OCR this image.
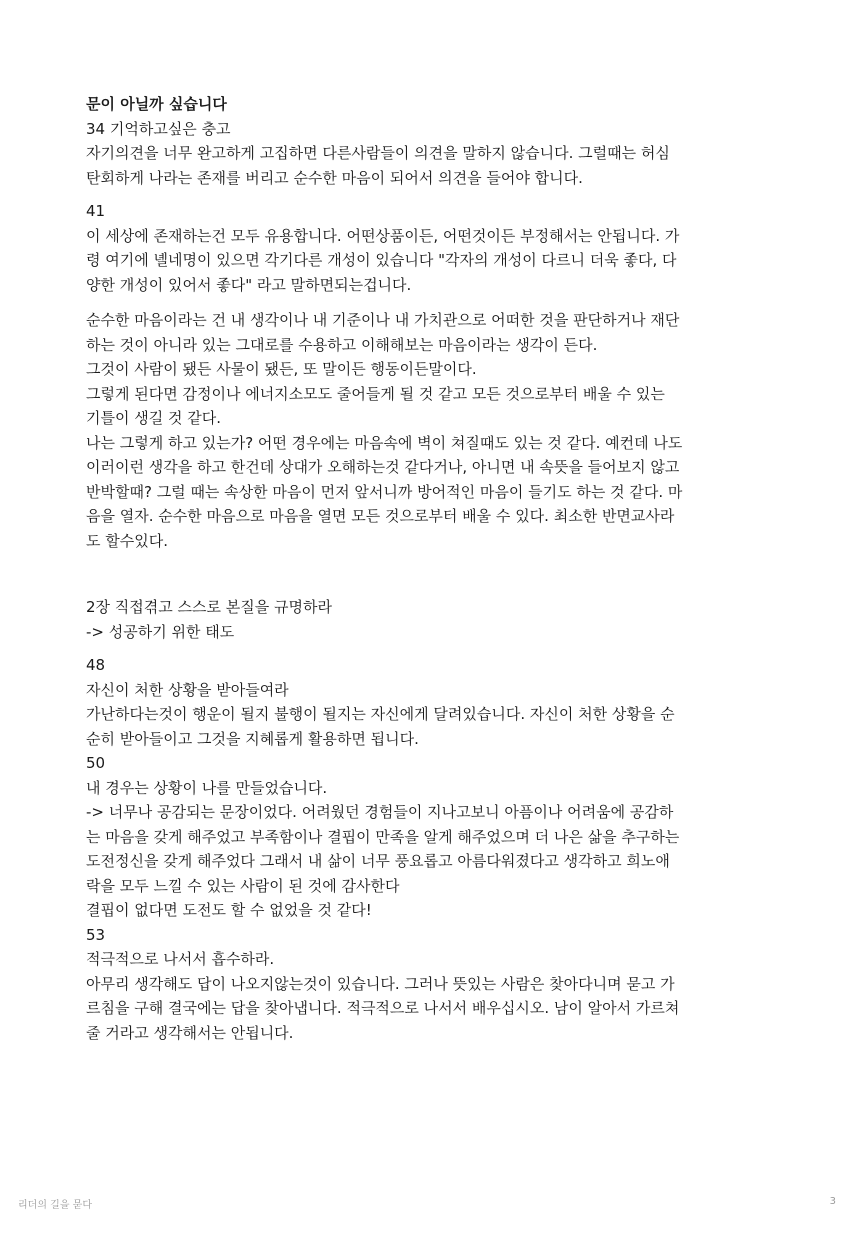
문이 아닐까 싶습니다
34 기억하고싶은 충고
자기의견을 너무 완고하게 고집하면 다른사람들이 의견을 말하지 않습니다. 그럴때는 허심
탄회하게 나라는 존재를 버리고 순수한 마음이 되어서 의견을 들어야 합니다.
41
이 세상에 존재하는건 모두 유용합니다. 어떤상품이든, 어떤것이든 부정해서는 안됩니다. 가
령 여기에 녤네명이 있으면 각기다른 개성이 있습니다 "각자의 개성이 다르니 더욱 좋다, 다
양한 개성이 있어서 좋다" 라고 말하면되는겁니다.
순수한 마음이라는 건 내 생각이나 내 기준이나 내 가치관으로 어떠한 것을 판단하거나 재단
하는 것이 아니라 있는 그대로를 수용하고 이해해보는 마음이라는 생각이 든다.
그것이 사람이 됐든 사물이 됐든, 또 말이든 행동이든말이다.
그렇게 된다면 감정이나 에너지소모도 줄어들게 될 것 같고 모든 것으로부터 배울 수 있는
기틀이 생길 것 같다.
나는 그렇게 하고 있는가? 어떤 경우에는 마음속에 벽이 쳐질때도 있는 것 같다. 예컨데 나도
이러이런 생각을 하고 한건데 상대가 오해하는것 같다거나, 아니면 내 속뜻을 들어보지 않고
반박할때? 그럴 때는 속상한 마음이 먼저 앞서니까 방어적인 마음이 들기도 하는 것 같다. 마
음을 열자. 순수한 마음으로 마음을 열면 모든 것으로부터 배울 수 있다. 최소한 반면교사라
도 할수있다.
2장 직접겪고 스스로 본질을 규명하라
-> 성공하기 위한 태도
48
자신이 처한 상황을 받아들여라
가난하다는것이 행운이 될지 불행이 될지는 자신에게 달려있습니다. 자신이 처한 상황을 순
순히 받아들이고 그것을 지혜롭게 활용하면 됩니다.
50
내 경우는 상황이 나를 만들었습니다.
-> 너무나 공감되는 문장이었다. 어려웠던 경험들이 지나고보니 아픔이나 어려움에 공감하
는 마음을 갖게 해주었고 부족함이나 결핍이 만족을 알게 해주었으며 더 나은 삶을 추구하는
도전정신을 갖게 해주었다 그래서 내 삶이 너무 풍요롭고 아름다워졌다고 생각하고 희노애
락을 모두 느낄 수 있는 사람이 된 것에 감사한다
결핍이 없다면 도전도 할 수 없었을 것 같다!
53
적극적으로 나서서 흡수하라.
아무리 생각해도 답이 나오지않는것이 있습니다. 그러나 뜻있는 사람은 찾아다니며 묻고 가
르침을 구해 결국에는 답을 찾아냅니다. 적극적으로 나서서 배우십시오. 남이 알아서 가르쳐
줄 거라고 생각해서는 안됩니다.
리더의 길을 묻다	3
